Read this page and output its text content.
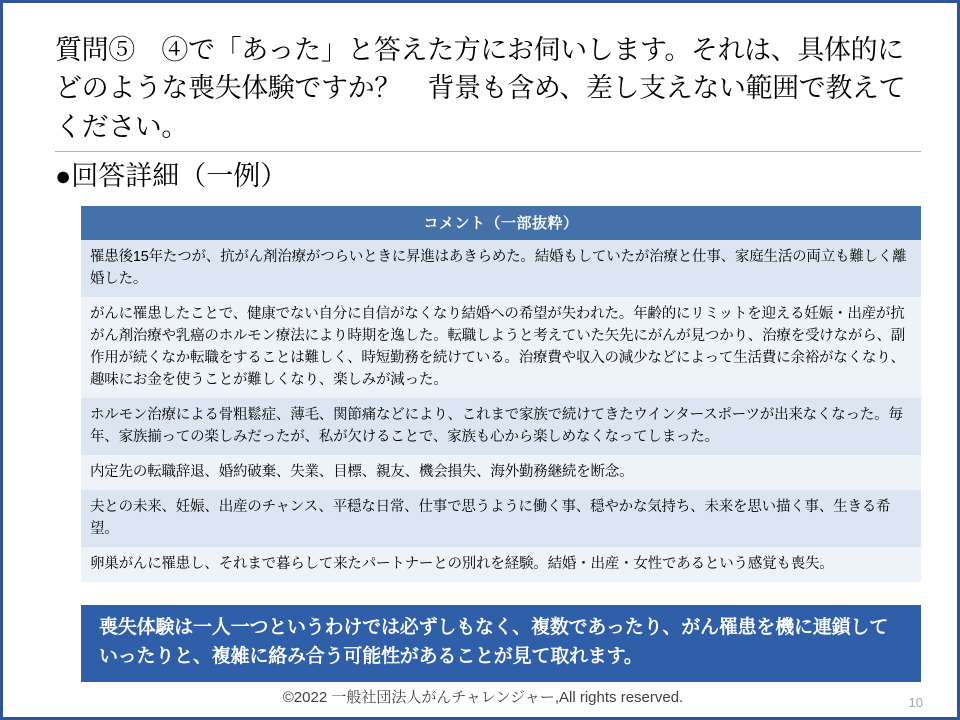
質問⑤　④で「あった」と答えた方にお伺いします。それは、具体的にどのような喪失体験ですか？　背景も含め、差し支えない範囲で教えてください。
●回答詳細（一例）
コメント（一部抜粋）
罹患後15年たつが、抗がん剤治療がつらいときに昇進はあきらめた。結婚もしていたが治療と仕事、家庭生活の両立も難しく離婚した。
がんに罹患したことで、健康でない自分に自信がなくなり結婚への希望が失われた。年齢的にリミットを迎える妊娠・出産が抗がん剤治療や乳癌のホルモン療法により時期を逸した。転職しようと考えていた矢先にがんが見つかり、治療を受けながら、副作用が続くなか転職をすることは難しく、時短勤務を続けている。治療費や収入の減少などによって生活費に余裕がなくなり、趣味にお金を使うことが難しくなり、楽しみが減った。
ホルモン治療による骨粗鬆症、薄毛、関節痛などにより、これまで家族で続けてきたウインタースポーツが出来なくなった。毎年、家族揃っての楽しみだったが、私が欠けることで、家族も心から楽しめなくなってしまった。
内定先の転職辞退、婚約破棄、失業、目標、親友、機会損失、海外勤務継続を断念。
夫との未来、妊娠、出産のチャンス、平穏な日常、仕事で思うように働く事、穏やかな気持ち、未来を思い描く事、生きる希望。
卵巣がんに罹患し、それまで暮らして来たパートナーとの別れを経験。結婚・出産・女性であるという感覚も喪失。
喪失体験は一人一つというわけでは必ずしもなく、複数であったり、がん罹患を機に連鎖していったりと、複雑に絡み合う可能性があることが見て取れます。
©2022 一般社団法人がんチャレンジャー,All rights reserved.	10
